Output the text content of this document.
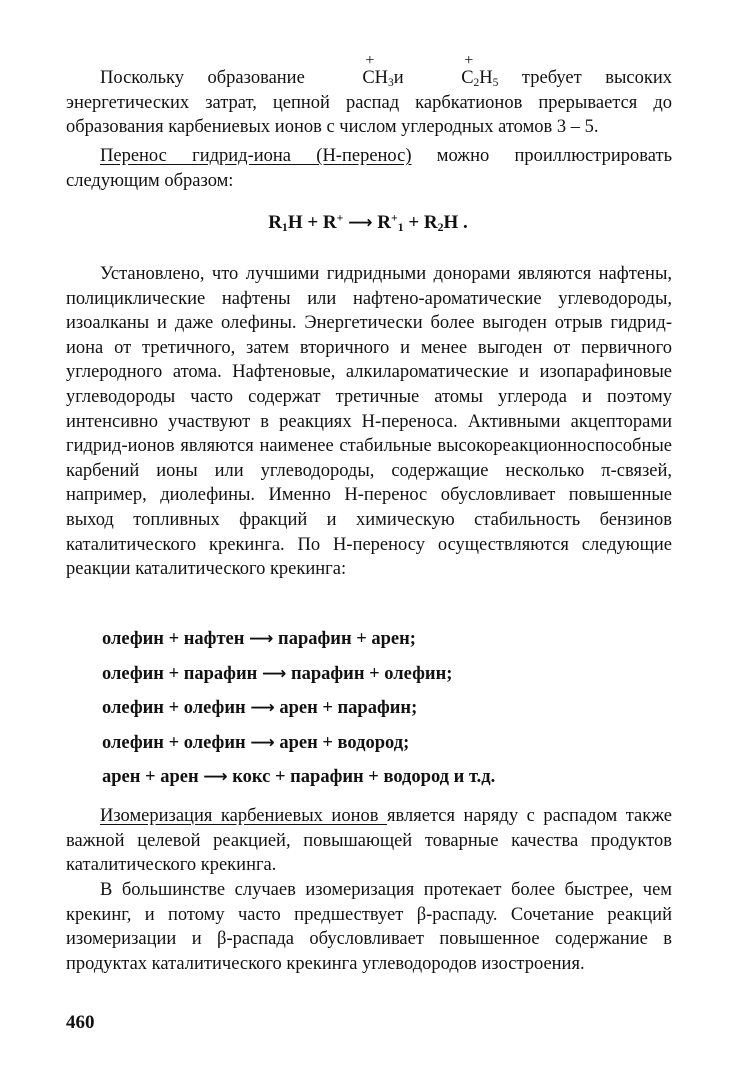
Поскольку образование
+
$CH_3и$
+
$C_2H_5$ требует высоких энергетических затрат, цепной распад карбкатионов прерывается до образования карбениевых ионов с числом углеродных атомов 3 – 5.

Перенос гидрид-иона (Н-перенос) можно проиллюстрировать следующим образом:

$R_1H + R^+$ ⟶ $R^+_1 + R_2H$ .

Установлено, что лучшими гидридными донорами являются нафтены, полициклические нафтены или нафтено-ароматические углеводороды, изоалканы и даже олефины. Энергетически более выгоден отрыв гидрид-иона от третичного, затем вторичного и менее выгоден от первичного углеродного атома. Нафтеновые, алкилароматические и изопарафиновые углеводороды часто содержат третичные атомы углерода и поэтому интенсивно участвуют в реакциях Н-переноса. Активными акцепторами гидрид-ионов являются наименее стабильные высокореакционноспособные карбений ионы или углеводороды, содержащие несколько π-связей, например, диолефины. Именно Н-перенос обусловливает повышенные выход топливных фракций и химическую стабильность бензинов каталитического крекинга. По Н-переносу осуществляются следующие реакции каталитического крекинга:

олефин + нафтен ⟶ парафин + арен;
олефин + парафин ⟶ парафин + олефин;
олефин + олефин ⟶ арен + парафин;
олефин + олефин ⟶ арен + водород;
арен + арен ⟶ кокс + парафин + водород и т.д.

Изомеризация карбениевых ионов является наряду с распадом также важной целевой реакцией, повышающей товарные качества продуктов каталитического крекинга.

В большинстве случаев изомеризация протекает более быстрее, чем крекинг, и потому часто предшествует β-распаду. Сочетание реакций изомеризации и β-распада обусловливает повышенное содержание в продуктах каталитического крекинга углеводородов изостроения.

460
